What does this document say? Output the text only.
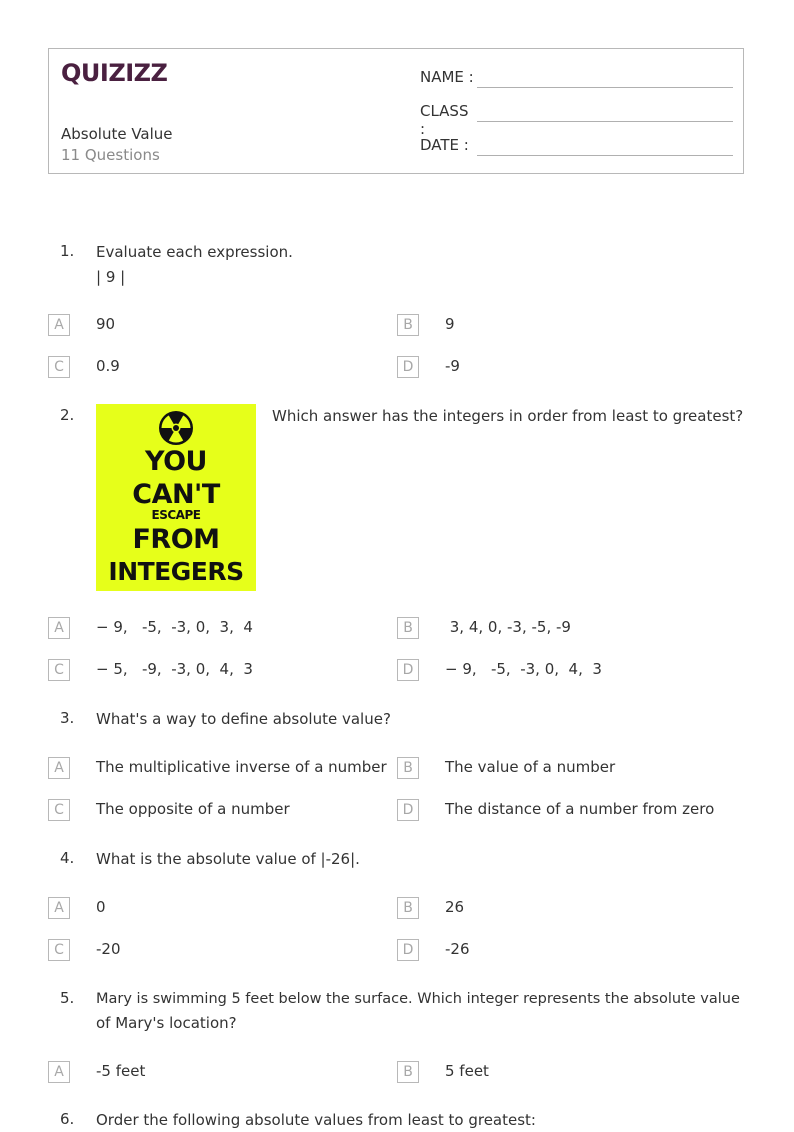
QUIZIZZ
Absolute Value
11 Questions
NAME :
CLASS :
DATE :
1. Evaluate each expression.
| 9 |
A	90	B	9
C	0.9	D	-9
2.
YOU
CAN'T
ESCAPE
FROM
INTEGERS
Which answer has the integers in order from least to greatest?
A	− 9,   -5,  -3, 0,  3,  4	B	3, 4, 0, -3, -5, -9
C	− 5,   -9,  -3, 0,  4,  3	D	− 9,   -5,  -3, 0,  4,  3
3. What's a way to define absolute value?
A	The multiplicative inverse of a number	B	The value of a number
C	The opposite of a number	D	The distance of a number from zero
4. What is the absolute value of |-26|.
A	0	B	26
C	-20	D	-26
5. Mary is swimming 5 feet below the surface. Which integer represents the absolute value
of Mary's location?
A	-5 feet	B	5 feet
6. Order the following absolute values from least to greatest:
